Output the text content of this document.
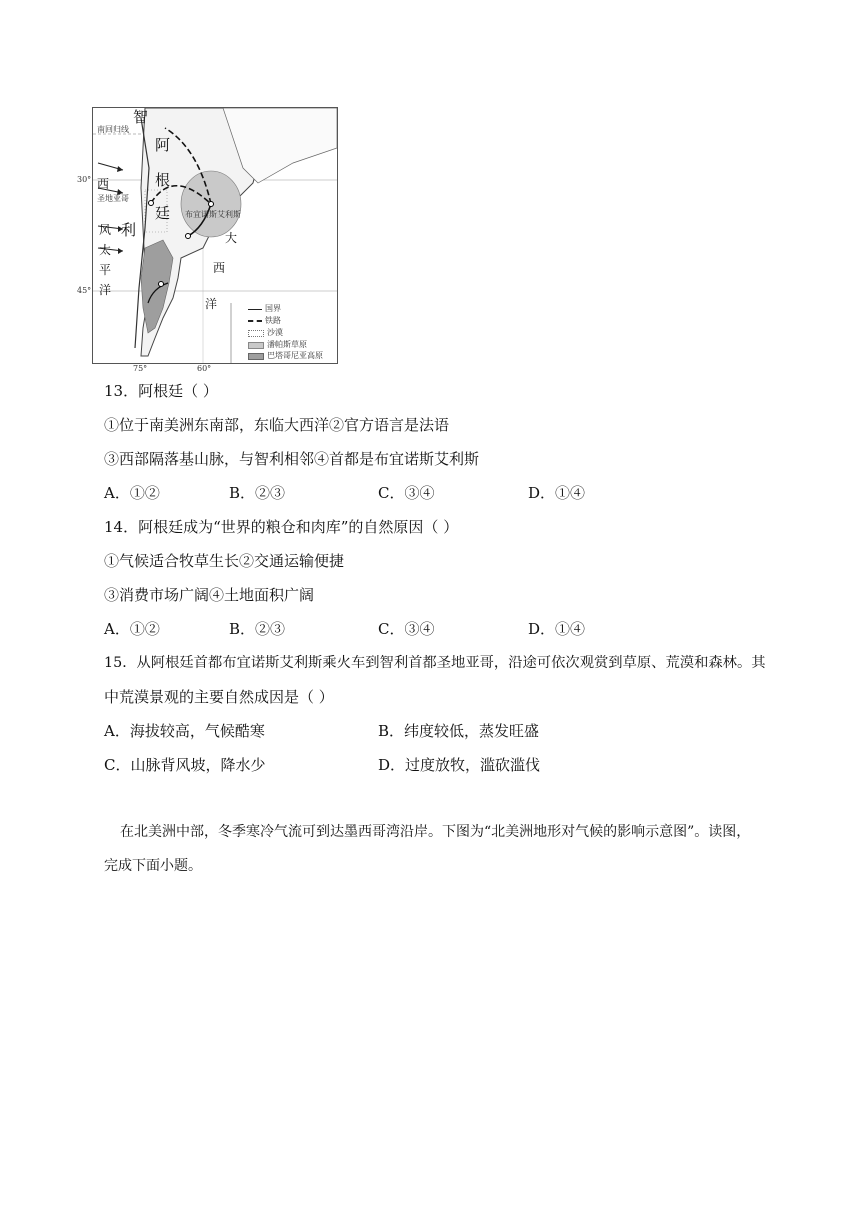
智
阿
根
廷
利
西
风
太
平
洋
大
西
洋
圣地亚哥
布宜诺斯艾利斯
南回归线
30°
45°
75°	60°
国界
铁路
沙漠
潘帕斯草原
巴塔哥尼亚高原
13．阿根廷（ ）
①位于南美洲东南部，东临大西洋②官方语言是法语
③西部隔落基山脉，与智利相邻④首都是布宜诺斯艾利斯
A．①②	B．②③	C．③④	D．①④
14．阿根廷成为“世界的粮仓和肉库”的自然原因（ ）
①气候适合牧草生长②交通运输便捷
③消费市场广阔④土地面积广阔
A．①②	B．②③	C．③④	D．①④
15．从阿根廷首都布宜诺斯艾利斯乘火车到智利首都圣地亚哥，沿途可依次观赏到草原、荒漠和森林。其
中荒漠景观的主要自然成因是（ ）
A．海拔较高，气候酷寒	B．纬度较低，蒸发旺盛
C．山脉背风坡，降水少	D．过度放牧，滥砍滥伐
在北美洲中部，冬季寒冷气流可到达墨西哥湾沿岸。下图为“北美洲地形对气候的影响示意图”。读图，
完成下面小题。
